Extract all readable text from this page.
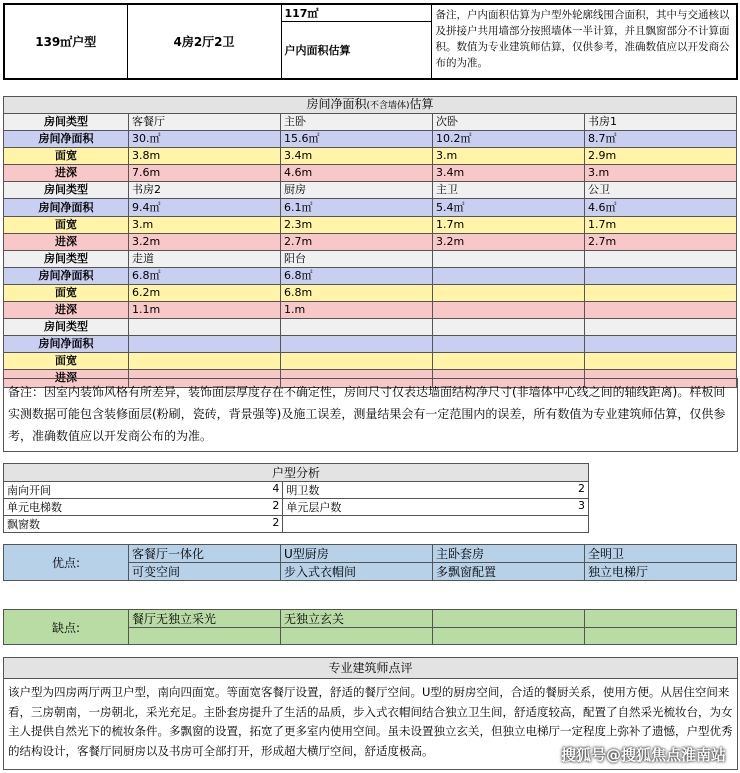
139㎡户型	4房2厅2卫	117㎡	备注，户内面积估算为户型外轮廓线围合面积，其中与交通核以及拼接户共用墙部分按照墙体一半计算，并且飘窗部分不计算面积。数值为专业建筑师估算，仅供参考，准确数值应以开发商公布的为准。
户内面积估算
房间净面积(不含墙体)估算				
房间类型	客餐厅	主卧	次卧	书房1
房间净面积	30.㎡	15.6㎡	10.2㎡	8.7㎡
面宽	3.8m	3.4m	3.m	2.9m
进深	7.6m	4.6m	3.4m	3.m
房间类型	书房2	厨房	主卫	公卫
房间净面积	9.4㎡	6.1㎡	5.4㎡	4.6㎡
面宽	3.m	2.3m	1.7m	1.7m
进深	3.2m	2.7m	3.2m	2.7m
房间类型	走道	阳台		
房间净面积	6.8㎡	6.8㎡		
面宽	6.2m	6.8m		
进深	1.1m	1.m		
房间类型				
房间净面积				
面宽				
进深				
备注：因室内装饰风格有所差异，装饰面层厚度存在不确定性，房间尺寸仅表达墙面结构净尺寸(非墙体中心线之间的轴线距离)。样板间实测数据可能包含装修面层(粉刷，瓷砖，背景强等)及施工误差，测量结果会有一定范围内的误差，所有数值为专业建筑师估算，仅供参考，准确数值应以开发商公布的为准。
户型分析	

南向开间 4	明卫数 2

单元电梯数 2	单元层户数 3

飘窗数 2	

优点:	客餐厅一体化	U型厨房	主卧套房	全明卫
	可变空间	步入式衣帽间	多飘窗配置	独立电梯厅
缺点:	餐厅无独立采光	无独立玄关		

专业建筑师点评
该户型为四房两厅两卫户型，南向四面宽。等面宽客餐厅设置，舒适的餐厅空间。U型的厨房空间，合适的餐厨关系，使用方便。从居住空间来看，三房朝南，一房朝北，采光充足。主卧套房提升了生活的品质，步入式衣帽间结合独立卫生间，舒适度较高，配置了自然采光梳妆台，为女主人提供自然光下的梳妆条件。多飘窗的设置，拓宽了更多室内使用空间。虽未设置独立玄关，但独立电梯厅一定程度上弥补了遗憾，户型优秀的结构设计，客餐厅同厨房以及书房可全部打开，形成超大横厅空间，舒适度极高。	搜狐号@搜狐焦点淮南站
